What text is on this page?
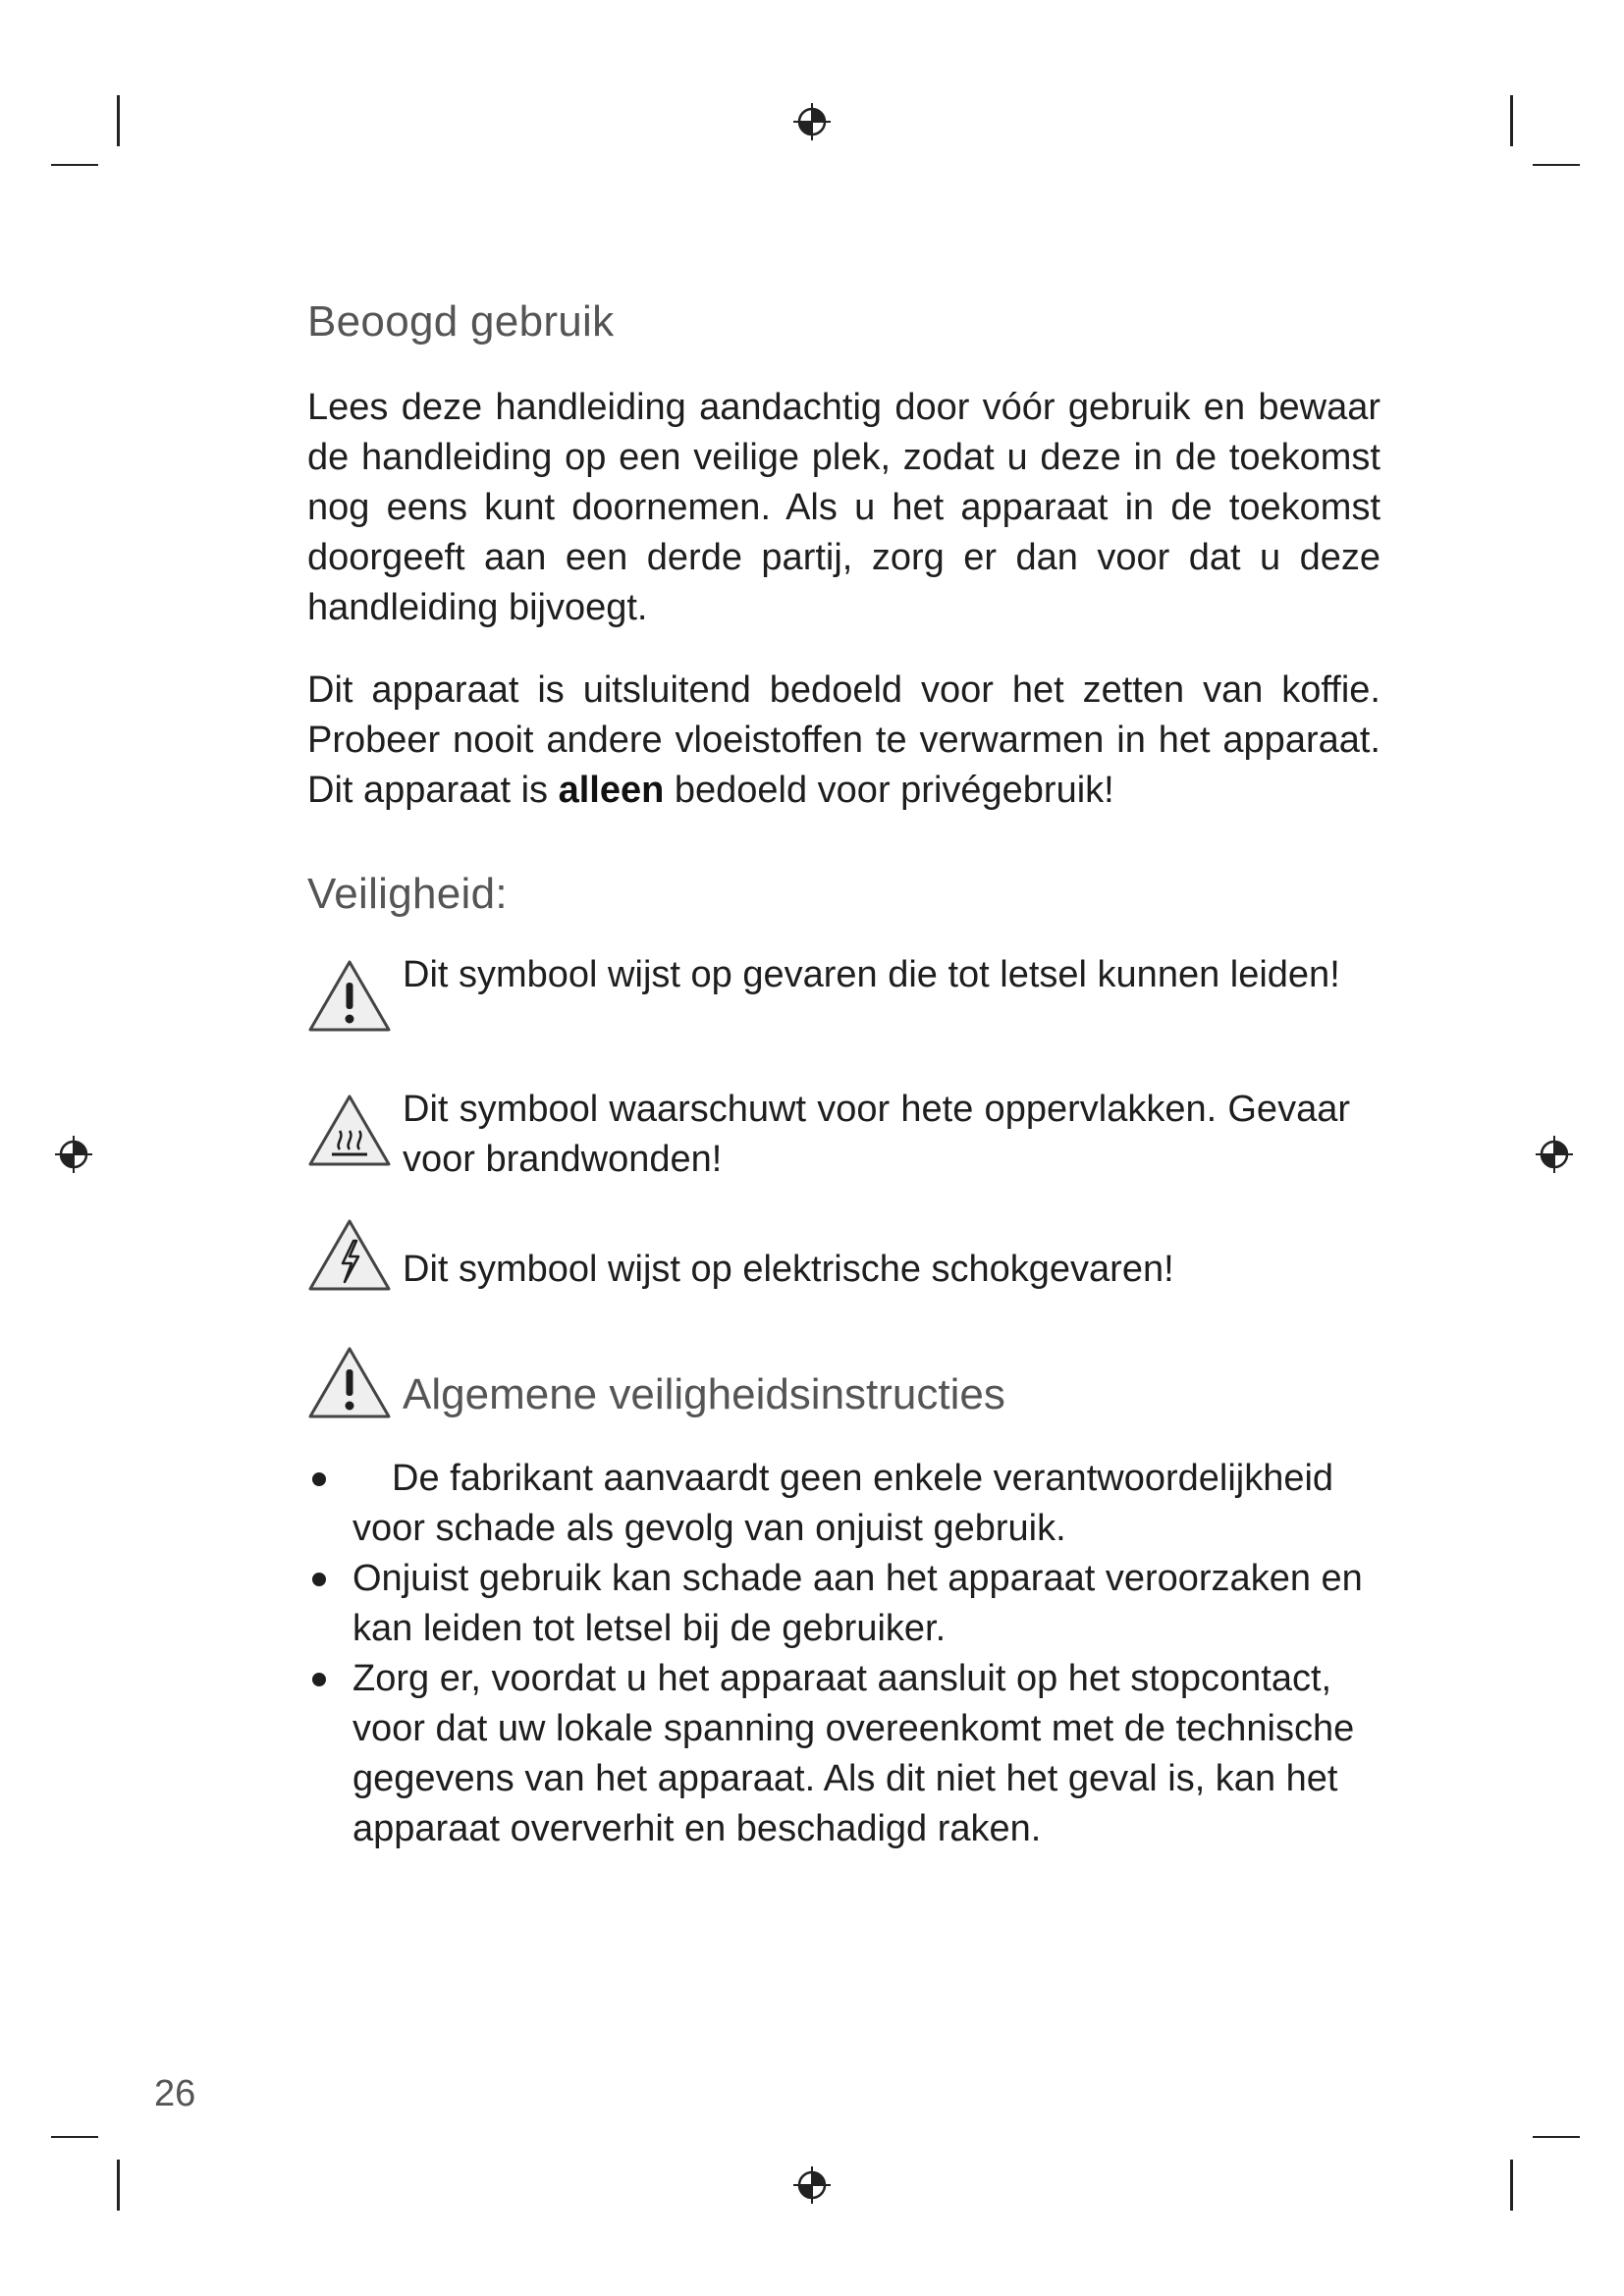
Beoogd gebruik

Lees deze handleiding aandachtig door vóór gebruik en bewaar de handleiding op een veilige plek, zodat u deze in de toekomst nog eens kunt doornemen. Als u het apparaat in de toekomst doorgeeft aan een derde partij, zorg er dan voor dat u deze handleiding bijvoegt.

Dit apparaat is uitsluitend bedoeld voor het zetten van koffie. Probeer nooit andere vloeistoffen te verwarmen in het apparaat. Dit apparaat is alleen bedoeld voor privégebruik!

Veiligheid:

Dit symbool wijst op gevaren die tot letsel kunnen leiden!

Dit symbool waarschuwt voor hete oppervlakken. Gevaar voor brandwonden!

Dit symbool wijst op elektrische schokgevaren!

Algemene veiligheidsinstructies

De fabrikant aanvaardt geen enkele verantwoordelijkheid voor schade als gevolg van onjuist gebruik.

Onjuist gebruik kan schade aan het apparaat veroorzaken en kan leiden tot letsel bij de gebruiker.

Zorg er, voordat u het apparaat aansluit op het stopcontact, voor dat uw lokale spanning overeenkomt met de technische gegevens van het apparaat. Als dit niet het geval is, kan het apparaat oververhit en beschadigd raken.

26
